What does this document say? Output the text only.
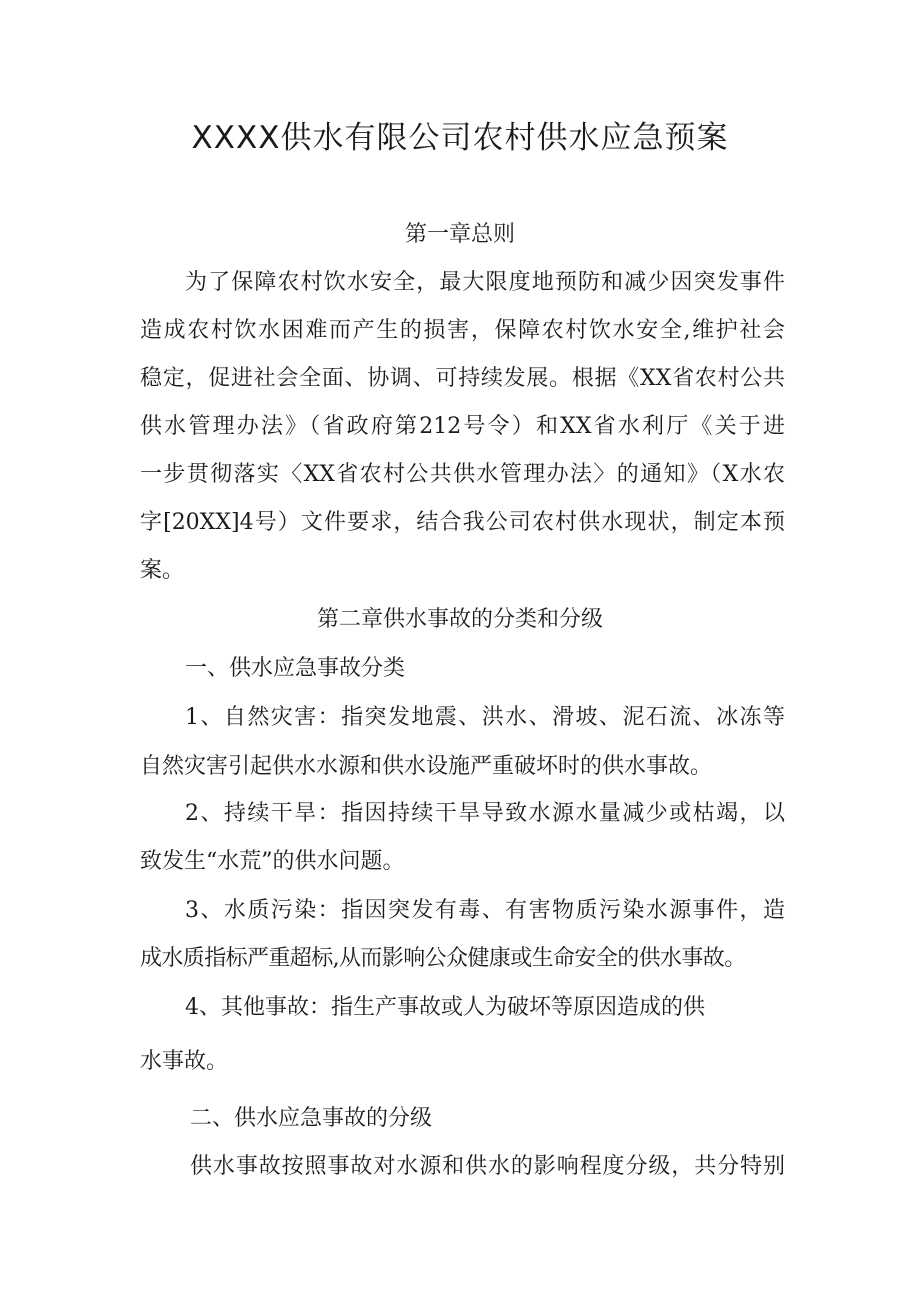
XXXX供水有限公司农村供水应急预案
第一章总则
为了保障农村饮水安全，最大限度地预防和减少因突发事件
造成农村饮水困难而产生的损害，保障农村饮水安全,维护社会
稳定，促进社会全面、协调、可持续发展。根据《XX省农村公共
供水管理办法》（省政府第212号令）和XX省水利厅《关于进
一步贯彻落实〈XX省农村公共供水管理办法〉的通知》（X水农
字[20XX]4号）文件要求，结合我公司农村供水现状，制定本预
案。
第二章供水事故的分类和分级
一、供水应急事故分类
1、自然灾害：指突发地震、洪水、滑坡、泥石流、冰冻等
自然灾害引起供水水源和供水设施严重破坏时的供水事故。
2、持续干旱：指因持续干旱导致水源水量减少或枯竭，以
致发生“水荒”的供水问题。
3、水质污染：指因突发有毒、有害物质污染水源事件，造
成水质指标严重超标,从而影响公众健康或生命安全的供水事故。
4、其他事故：指生产事故或人为破坏等原因造成的供
水事故。
二、供水应急事故的分级
供水事故按照事故对水源和供水的影响程度分级，共分特别
